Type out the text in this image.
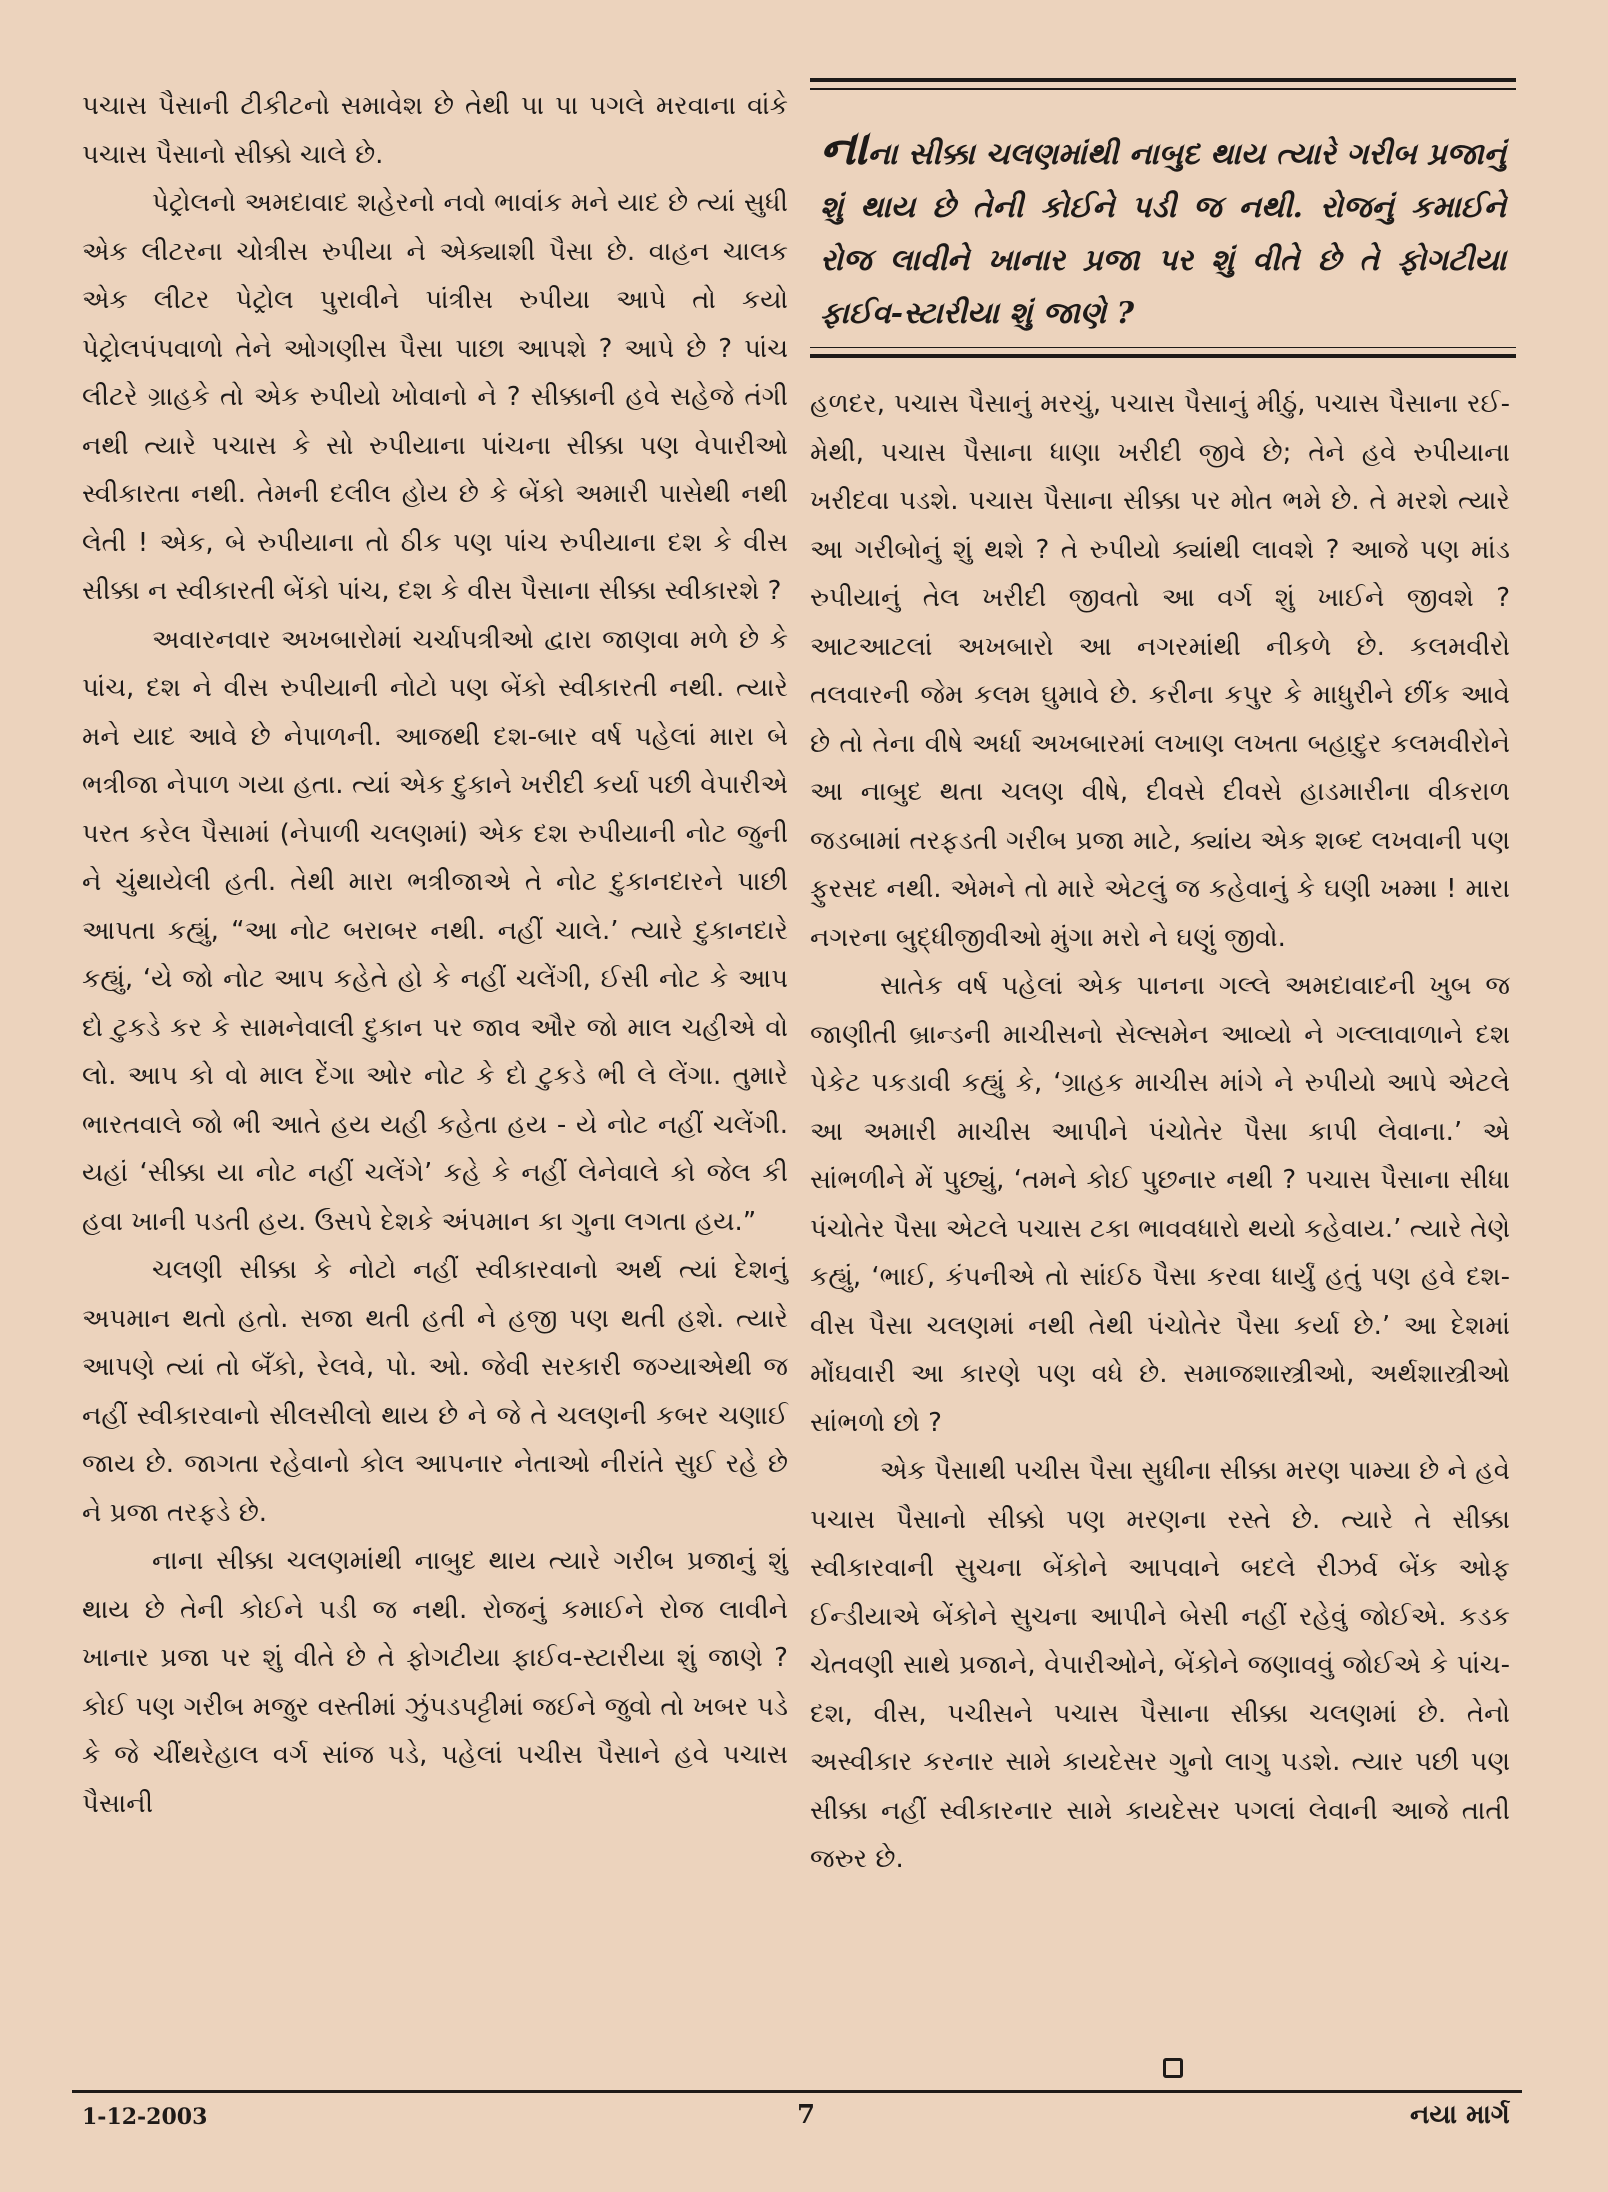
પચાસ પૈસાની ટીકીટનો સમાવેશ છે તેથી પા પા પગલે મરવાના વાંકે પચાસ પૈસાનો સીક્કો ચાલે છે.

પેટ્રોલનો અમદાવાદ શહેરનો નવો ભાવાંક મને યાદ છે ત્યાં સુધી એક લીટરના ચોત્રીસ રુપીયા ને એક્યાશી પૈસા છે. વાહન ચાલક એક લીટર પેટ્રોલ પુરાવીને પાંત્રીસ રુપીયા આપે તો કયો પેટ્રોલપંપવાળો તેને ઓગણીસ પૈસા પાછા આપશે ? આપે છે ? પાંચ લીટરે ગ્રાહકે તો એક રુપીયો ખોવાનો ને ? સીક્કાની હવે સહેજે તંગી નથી ત્યારે પચાસ કે સો રુપીયાના પાંચના સીક્કા પણ વેપારીઓ સ્વીકારતા નથી. તેમની દલીલ હોય છે કે બેંકો અમારી પાસેથી નથી લેતી ! એક, બે રુપીયાના તો ઠીક પણ પાંચ રુપીયાના દશ કે વીસ સીક્કા ન સ્વીકારતી બેંકો પાંચ, દશ કે વીસ પૈસાના સીક્કા સ્વીકારશે ?

અવારનવાર અખબારોમાં ચર્ચાપત્રીઓ દ્વારા જાણવા મળે છે કે પાંચ, દશ ને વીસ રુપીયાની નોટો પણ બેંકો સ્વીકારતી નથી. ત્યારે મને યાદ આવે છે નેપાળની. આજથી દશ-બાર વર્ષ પહેલાં મારા બે ભત્રીજા નેપાળ ગયા હતા. ત્યાં એક દુકાને ખરીદી કર્યા પછી વેપારીએ પરત કરેલ પૈસામાં (નેપાળી ચલણમાં) એક દશ રુપીયાની નોટ જુની ને ચુંથાયેલી હતી. તેથી મારા ભત્રીજાએ તે નોટ દુકાનદારને પાછી આપતા કહ્યું, “આ નોટ બરાબર નથી. નહીં ચાલે.’ ત્યારે દુકાનદારે કહ્યું, ‘યે જો નોટ આપ કહેતે હો કે નહીં ચલેંગી, ઈસી નોટ કે આપ દો ટુકડે કર કે સામનેવાલી દુકાન પર જાવ ઔર જો માલ ચહીએ વો લો. આપ કો વો માલ દેંગા ઓર નોટ કે દો ટુકડે ભી લે લેંગા. તુમારે ભારતવાલે જો ભી આતે હય યહી કહેતા હય - યે નોટ નહીં ચલેંગી. યહાં ‘સીક્કા યા નોટ નહીં ચલેંગે’ કહે કે નહીં લેનેવાલે કો જેલ કી હવા ખાની પડતી હય. ઉસપે દેશકે અંપમાન કા ગુના લગતા હય.”

ચલણી સીક્કા કે નોટો નહીં સ્વીકારવાનો અર્થ ત્યાં દેશનું અપમાન થતો હતો. સજા થતી હતી ને હજી પણ થતી હશે. ત્યારે આપણે ત્યાં તો બઁકો, રેલવે, પો. ઓ. જેવી સરકારી જગ્યાએથી જ નહીં સ્વીકારવાનો સીલસીલો થાય છે ને જે તે ચલણની કબર ચણાઈ જાય છે. જાગતા રહેવાનો કોલ આપનાર નેતાઓ નીરાંતે સુઈ રહે છે ને પ્રજા તરફડે છે.

નાના સીક્કા ચલણમાંથી નાબુદ થાય ત્યારે ગરીબ પ્રજાનું શું થાય છે તેની કોઈને પડી જ નથી. રોજનું કમાઈને રોજ લાવીને ખાનાર પ્રજા પર શું વીતે છે તે ફોગટીયા ફાઈવ-સ્ટારીયા શું જાણે ? કોઈ પણ ગરીબ મજુર વસ્તીમાં ઝુંપડપટ્ટીમાં જઈને જુવો તો ખબર પડે કે જે ચીંથરેહાલ વર્ગ સાંજ પડે, પહેલાં પચીસ પૈસાને હવે પચાસ પૈસાની

નાના સીક્કા ચલણમાંથી નાબુદ થાય ત્યારે ગરીબ પ્રજાનું શું થાય છે તેની કોઈને પડી જ નથી. રોજનું કમાઈને રોજ લાવીને ખાનાર પ્રજા પર શું વીતે છે તે ફોગટીયા ફાઈવ-સ્ટારીયા શું જાણે ?

હળદર, પચાસ પૈસાનું મરચું, પચાસ પૈસાનું મીઠું, પચાસ પૈસાના રઈ-મેથી, પચાસ પૈસાના ધાણા ખરીદી જીવે છે; તેને હવે રુપીયાના ખરીદવા પડશે. પચાસ પૈસાના સીક્કા પર મોત ભમે છે. તે મરશે ત્યારે આ ગરીબોનું શું થશે ? તે રુપીયો ક્યાંથી લાવશે ? આજે પણ માંડ રુપીયાનું તેલ ખરીદી જીવતો આ વર્ગ શું ખાઈને જીવશે ? આટઆટલાં અખબારો આ નગરમાંથી નીકળે છે. કલમવીરો તલવારની જેમ કલમ ઘુમાવે છે. કરીના કપુર કે માધુરીને છીંક આવે છે તો તેના વીષે અર્ધા અખબારમાં લખાણ લખતા બહાદુર કલમવીરોને આ નાબુદ થતા ચલણ વીષે, દીવસે દીવસે હાડમારીના વીકરાળ જડબામાં તરફડતી ગરીબ પ્રજા માટે, ક્યાંય એક શબ્દ લખવાની પણ ફુરસદ નથી. એમને તો મારે એટલું જ કહેવાનું કે ઘણી ખમ્મા ! મારા નગરના બુદ્ધીજીવીઓ મુંગા મરો ને ઘણું જીવો.

સાતેક વર્ષ પહેલાં એક પાનના ગલ્લે અમદાવાદની ખુબ જ જાણીતી બ્રાન્ડની માચીસનો સેલ્સમેન આવ્યો ને ગલ્લાવાળાને દશ પેકેટ પકડાવી કહ્યું કે, ‘ગ્રાહક માચીસ માંગે ને રુપીયો આપે એટલે આ અમારી માચીસ આપીને પંચોતેર પૈસા કાપી લેવાના.’ એ સાંભળીને મેં પુછ્યું, ‘તમને કોઈ પુછનાર નથી ? પચાસ પૈસાના સીધા પંચોતેર પૈસા એટલે પચાસ ટકા ભાવવધારો થયો કહેવાય.’ ત્યારે તેણે કહ્યું, ‘ભાઈ, કંપનીએ તો સાંઈઠ પૈસા કરવા ધાર્યું હતું પણ હવે દશ-વીસ પૈસા ચલણમાં નથી તેથી પંચોતેર પૈસા કર્યા છે.’ આ દેશમાં મોંઘવારી આ કારણે પણ વધે છે. સમાજશાસ્ત્રીઓ, અર્થશાસ્ત્રીઓ સાંભળો છો ?

એક પૈસાથી પચીસ પૈસા સુધીના સીક્કા મરણ પામ્યા છે ને હવે પચાસ પૈસાનો સીક્કો પણ મરણના રસ્તે છે. ત્યારે તે સીક્કા સ્વીકારવાની સુચના બેંકોને આપવાને બદલે રીઝર્વ બેંક ઓફ ઈન્ડીયાએ બેંકોને સુચના આપીને બેસી નહીં રહેવું જોઈએ. કડક ચેતવણી સાથે પ્રજાને, વેપારીઓને, બેંકોને જણાવવું જોઈએ કે પાંચ-દશ, વીસ, પચીસને પચાસ પૈસાના સીક્કા ચલણમાં છે. તેનો અસ્વીકાર કરનાર સામે કાયદેસર ગુનો લાગુ પડશે. ત્યાર પછી પણ સીક્કા નહીં સ્વીકારનાર સામે કાયદેસર પગલાં લેવાની આજે તાતી જરુર છે.

1-12-2003	7	નયા માર્ગ
